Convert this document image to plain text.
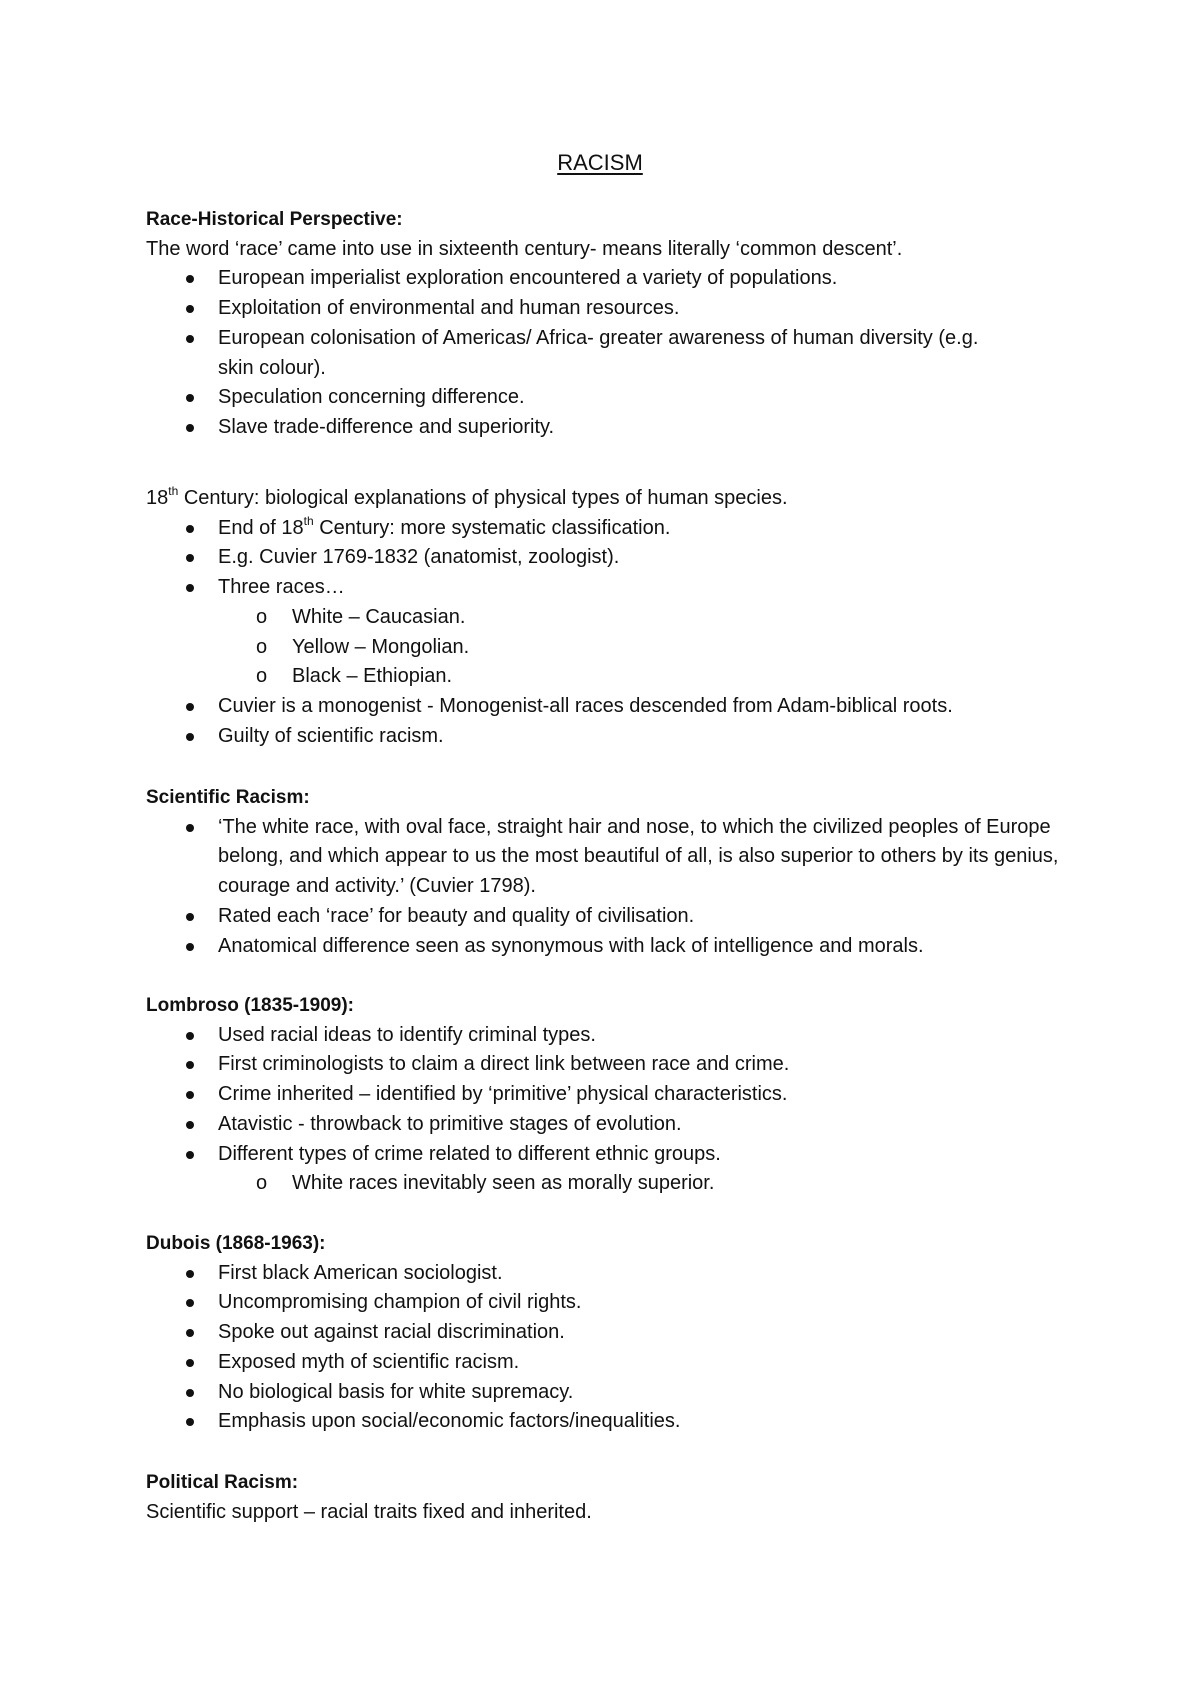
RACISM
Race-Historical Perspective:
The word ‘race’ came into use in sixteenth century- means literally ‘common descent’.
European imperialist exploration encountered a variety of populations.
Exploitation of environmental and human resources.
European colonisation of Americas/ Africa- greater awareness of human diversity (e.g. skin colour).
Speculation concerning difference.
Slave trade-difference and superiority.
18th Century: biological explanations of physical types of human species.
End of 18th Century: more systematic classification.
E.g. Cuvier 1769-1832 (anatomist, zoologist).
Three races…
o White – Caucasian.
o Yellow – Mongolian.
o Black – Ethiopian.
Cuvier is a monogenist - Monogenist-all races descended from Adam-biblical roots.
Guilty of scientific racism.
Scientific Racism:
‘The white race, with oval face, straight hair and nose, to which the civilized peoples of Europe belong, and which appear to us the most beautiful of all, is also superior to others by its genius, courage and activity.’ (Cuvier 1798).
Rated each ‘race’ for beauty and quality of civilisation.
Anatomical difference seen as synonymous with lack of intelligence and morals.
Lombroso (1835-1909):
Used racial ideas to identify criminal types.
First criminologists to claim a direct link between race and crime.
Crime inherited – identified by ‘primitive’ physical characteristics.
Atavistic - throwback to primitive stages of evolution.
Different types of crime related to different ethnic groups.
o White races inevitably seen as morally superior.
Dubois (1868-1963):
First black American sociologist.
Uncompromising champion of civil rights.
Spoke out against racial discrimination.
Exposed myth of scientific racism.
No biological basis for white supremacy.
Emphasis upon social/economic factors/inequalities.
Political Racism:
Scientific support – racial traits fixed and inherited.
